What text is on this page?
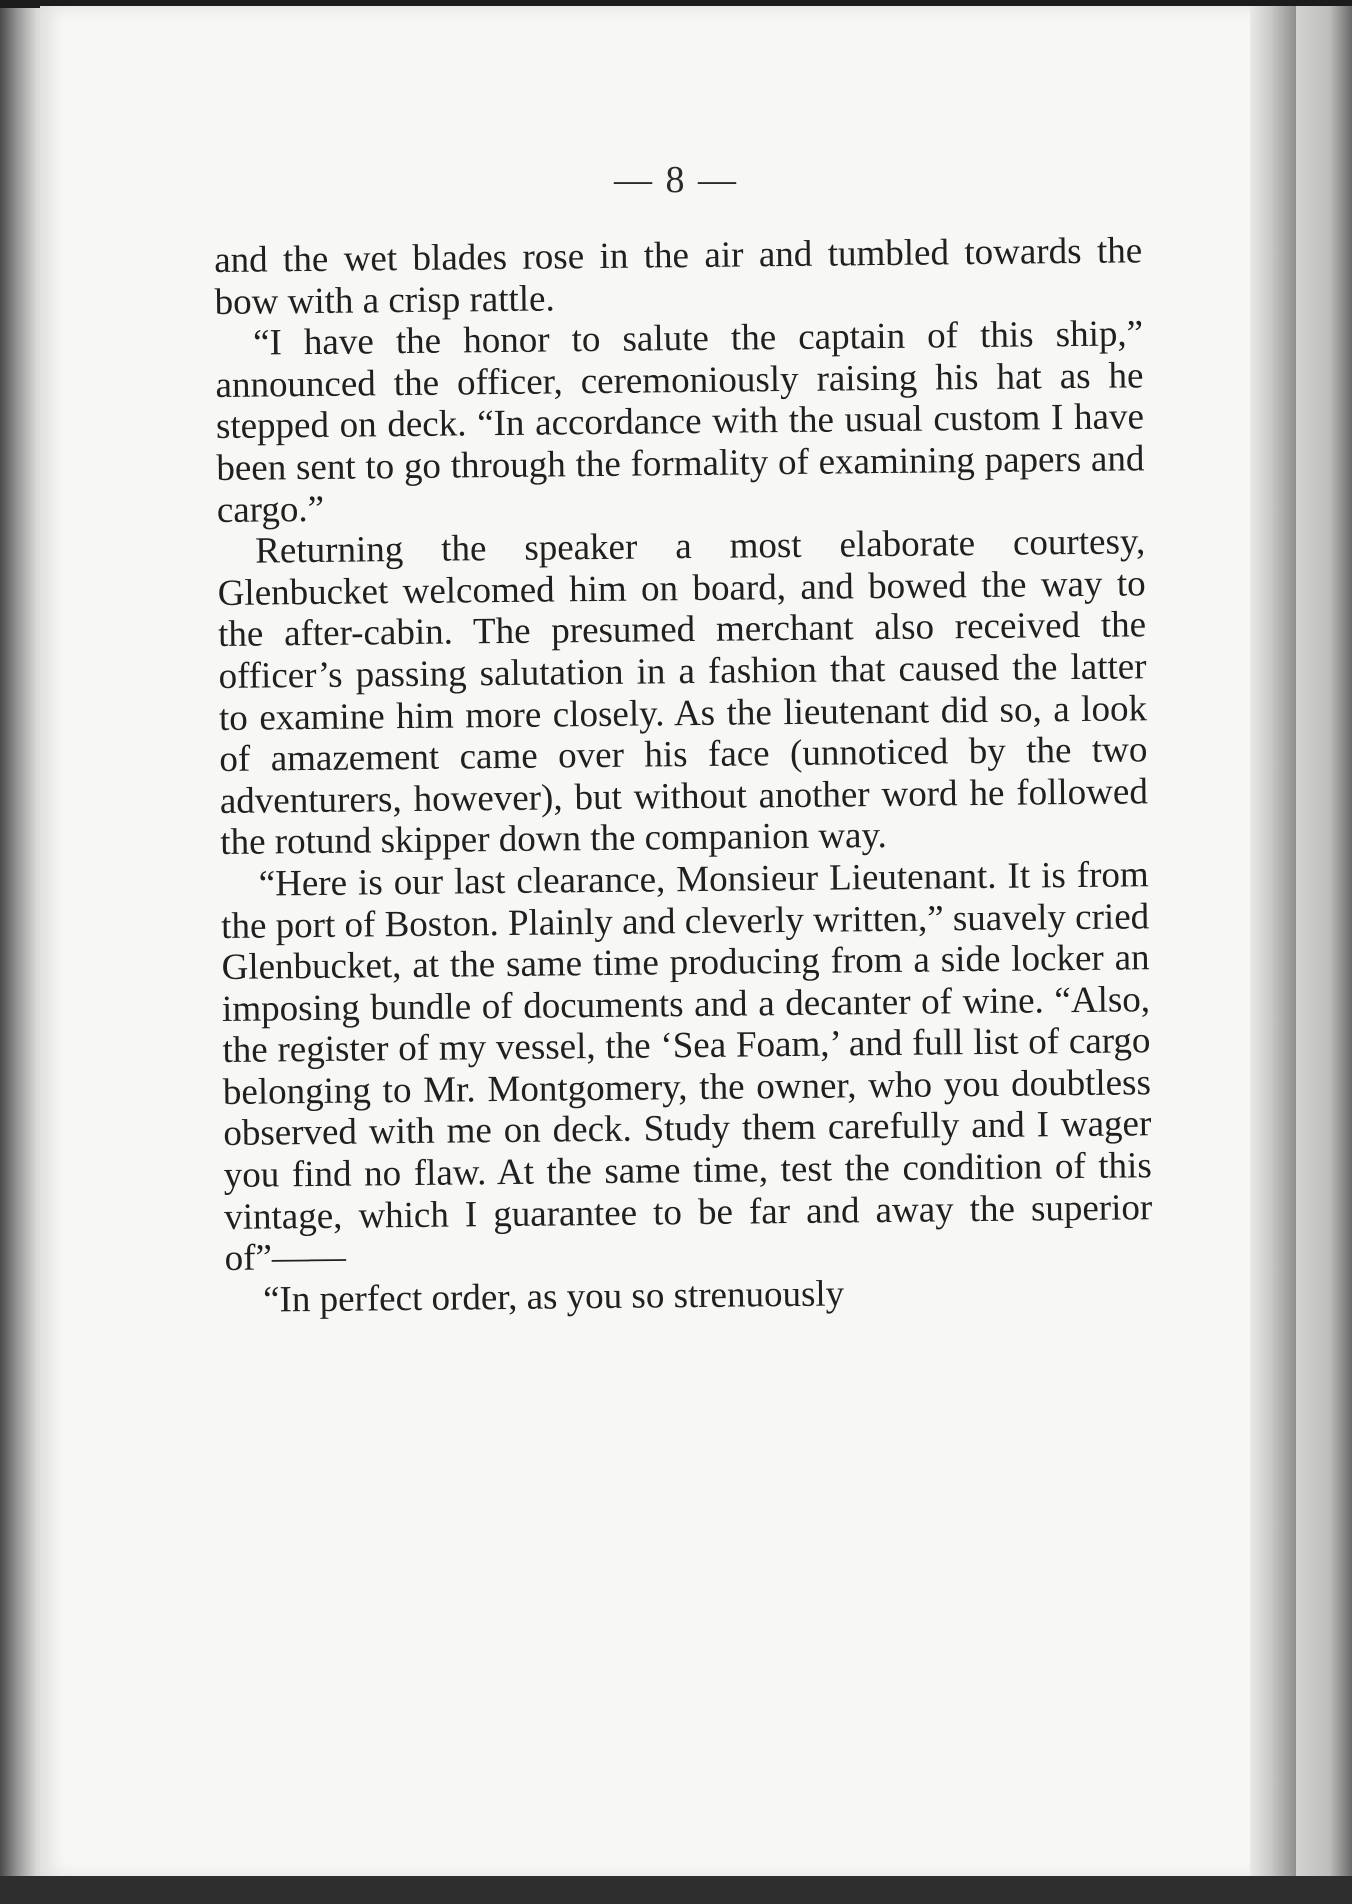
— 8 —

and the wet blades rose in the air and tumbled towards the bow with a crisp rattle.

“I have the honor to salute the captain of this ship,” announced the officer, ceremoniously raising his hat as he stepped on deck. “In accordance with the usual custom I have been sent to go through the formality of examining papers and cargo.”

Returning the speaker a most elaborate courtesy, Glenbucket welcomed him on board, and bowed the way to the after-cabin. The presumed merchant also received the officer’s passing salutation in a fashion that caused the latter to examine him more closely. As the lieutenant did so, a look of amazement came over his face (unnoticed by the two adventurers, however), but without another word he followed the rotund skipper down the companion way.

“Here is our last clearance, Monsieur Lieutenant. It is from the port of Boston. Plainly and cleverly written,” suavely cried Glenbucket, at the same time producing from a side locker an imposing bundle of documents and a decanter of wine. “Also, the register of my vessel, the ‘Sea Foam,’ and full list of cargo belonging to Mr. Montgomery, the owner, who you doubtless observed with me on deck. Study them carefully and I wager you find no flaw. At the same time, test the condition of this vintage, which I guarantee to be far and away the superior of”——

“In perfect order, as you so strenuously
